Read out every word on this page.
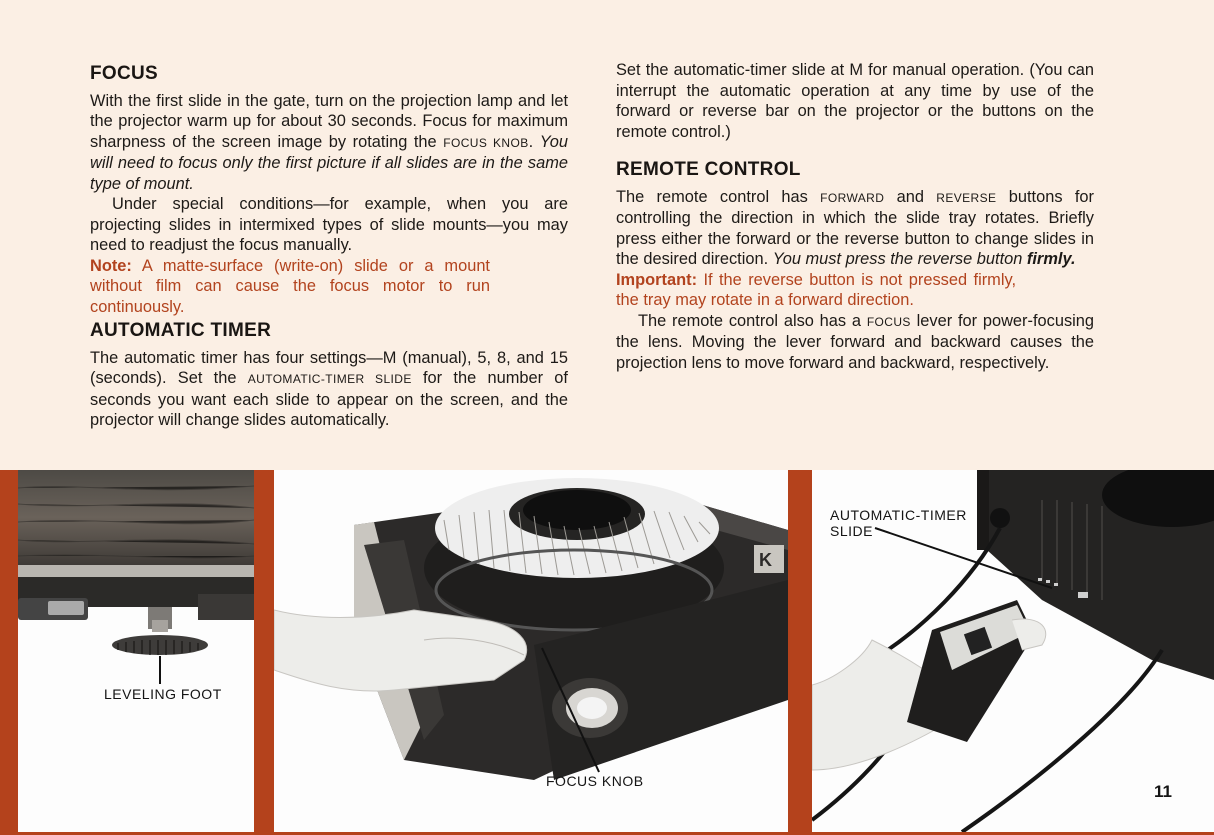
FOCUS

With the first slide in the gate, turn on the projection lamp and let the projector warm up for about 30 seconds. Focus for maximum sharpness of the screen image by rotating the FOCUS KNOB. You will need to focus only the first picture if all slides are in the same type of mount.

Under special conditions—for example, when you are projecting slides in intermixed types of slide mounts—you may need to readjust the focus manually.

Note: A matte-surface (write-on) slide or a mount without film can cause the focus motor to run continuously.

AUTOMATIC TIMER

The automatic timer has four settings—M (manual), 5, 8, and 15 (seconds). Set the AUTOMATIC-TIMER SLIDE for the number of seconds you want each slide to appear on the screen, and the projector will change slides automatically.

Set the automatic-timer slide at M for manual operation. (You can interrupt the automatic operation at any time by use of the forward or reverse bar on the projector or the buttons on the remote control.)

REMOTE CONTROL

The remote control has FORWARD and REVERSE buttons for controlling the direction in which the slide tray rotates. Briefly press either the forward or the reverse button to change slides in the desired direction. You must press the reverse button firmly.

Important: If the reverse button is not pressed firmly, the tray may rotate in a forward direction.

The remote control also has a FOCUS lever for power-focusing the lens. Moving the lever forward and backward causes the projection lens to move forward and backward, respectively.

LEVELING FOOT
K
FOCUS KNOB
AUTOMATIC-TIMER
SLIDE
11
